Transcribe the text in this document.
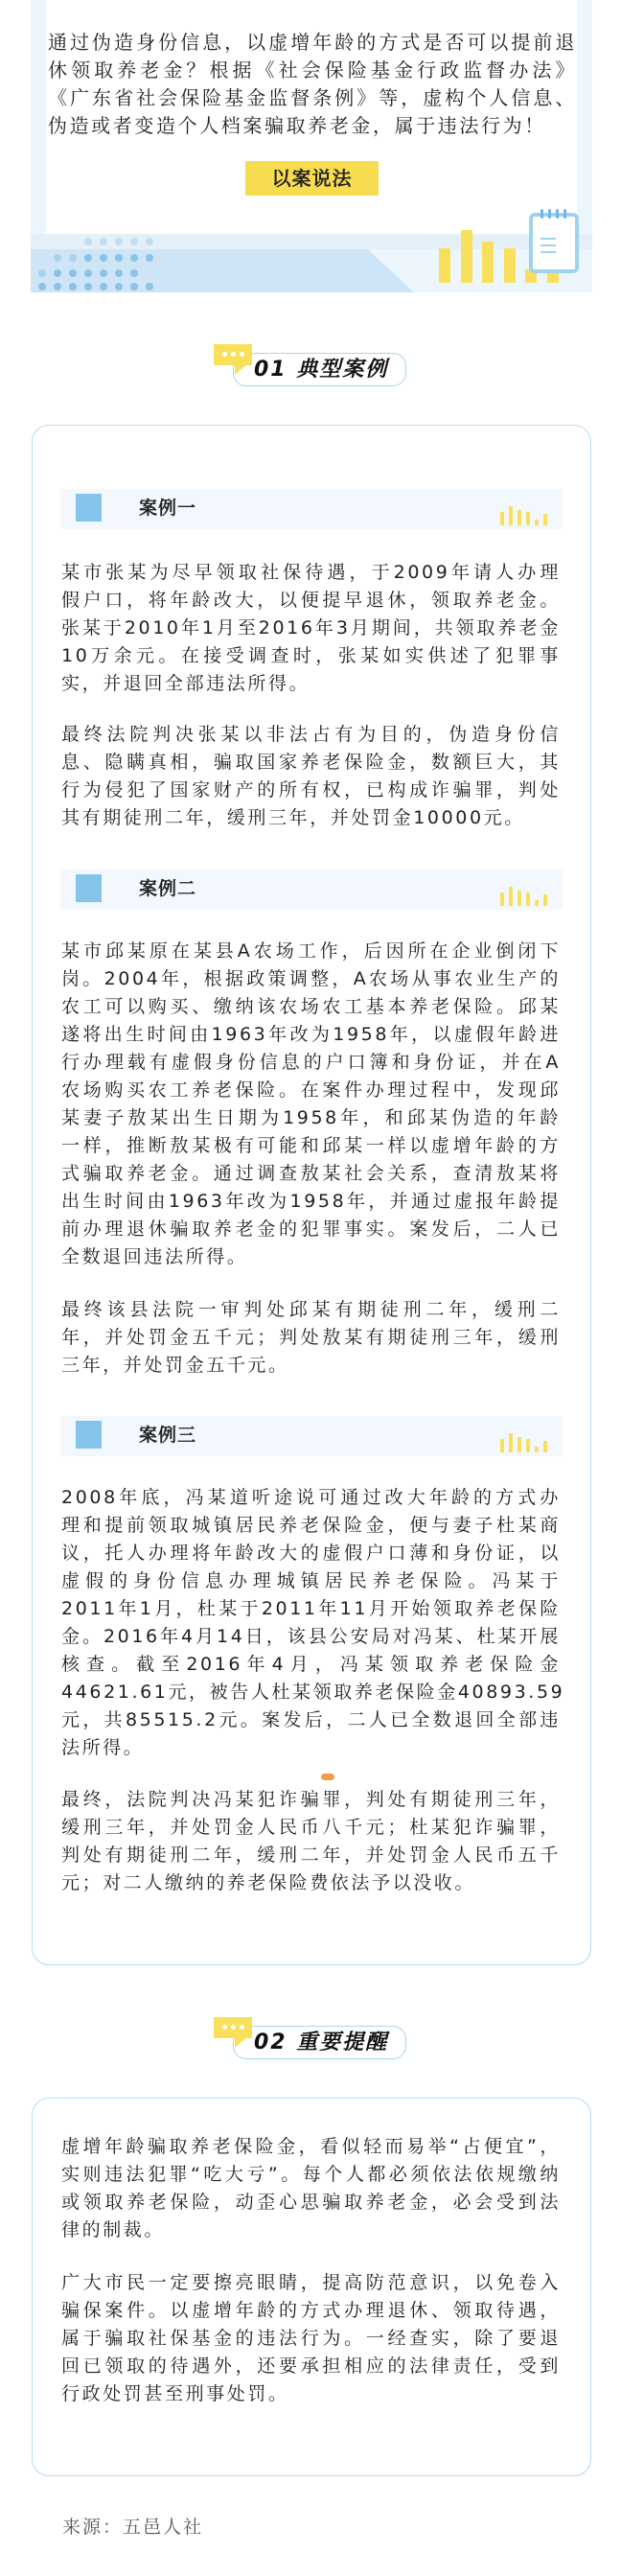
通过伪造身份信息，以虚增年龄的方式是否可以提前退
休领取养老金？根据《社会保险基金行政监督办法》
《广东省社会保险基金监督条例》等，虚构个人信息、
伪造或者变造个人档案骗取养老金，属于违法行为！
以案说法
01 典型案例
案例一
某市张某为尽早领取社保待遇，于2009年请人办理
假户口，将年龄改大，以便提早退休，领取养老金。
张某于2010年1月至2016年3月期间，共领取养老金
10万余元。在接受调查时，张某如实供述了犯罪事
实，并退回全部违法所得。
最终法院判决张某以非法占有为目的，伪造身份信
息、隐瞒真相，骗取国家养老保险金，数额巨大，其
行为侵犯了国家财产的所有权，已构成诈骗罪，判处
其有期徒刑二年，缓刑三年，并处罚金10000元。
案例二
某市邱某原在某县A农场工作，后因所在企业倒闭下
岗。2004年，根据政策调整，A农场从事农业生产的
农工可以购买、缴纳该农场农工基本养老保险。邱某
遂将出生时间由1963年改为1958年，以虚假年龄进
行办理载有虚假身份信息的户口簿和身份证，并在A
农场购买农工养老保险。在案件办理过程中，发现邱
某妻子敖某出生日期为1958年，和邱某伪造的年龄
一样，推断敖某极有可能和邱某一样以虚增年龄的方
式骗取养老金。通过调查敖某社会关系，查清敖某将
出生时间由1963年改为1958年，并通过虚报年龄提
前办理退休骗取养老金的犯罪事实。案发后，二人已
全数退回违法所得。
最终该县法院一审判处邱某有期徒刑二年，缓刑二
年，并处罚金五千元；判处敖某有期徒刑三年，缓刑
三年，并处罚金五千元。
案例三
2008年底，冯某道听途说可通过改大年龄的方式办
理和提前领取城镇居民养老保险金，便与妻子杜某商
议，托人办理将年龄改大的虚假户口薄和身份证，以
虚假的身份信息办理城镇居民养老保险。冯某于
2011年1月，杜某于2011年11月开始领取养老保险
金。2016年4月14日，该县公安局对冯某、杜某开展
核查。截至2016年4月，冯某领取养老保险金
44621.61元，被告人杜某领取养老保险金40893.59
元，共85515.2元。案发后，二人已全数退回全部违
法所得。
最终，法院判决冯某犯诈骗罪，判处有期徒刑三年，
缓刑三年，并处罚金人民币八千元；杜某犯诈骗罪，
判处有期徒刑二年，缓刑二年，并处罚金人民币五千
元；对二人缴纳的养老保险费依法予以没收。
02 重要提醒
虚增年龄骗取养老保险金，看似轻而易举“占便宜”，
实则违法犯罪“吃大亏”。每个人都必须依法依规缴纳
或领取养老保险，动歪心思骗取养老金，必会受到法
律的制裁。
广大市民一定要擦亮眼睛，提高防范意识，以免卷入
骗保案件。以虚增年龄的方式办理退休、领取待遇，
属于骗取社保基金的违法行为。一经查实，除了要退
回已领取的待遇外，还要承担相应的法律责任，受到
行政处罚甚至刑事处罚。
来源：五邑人社
